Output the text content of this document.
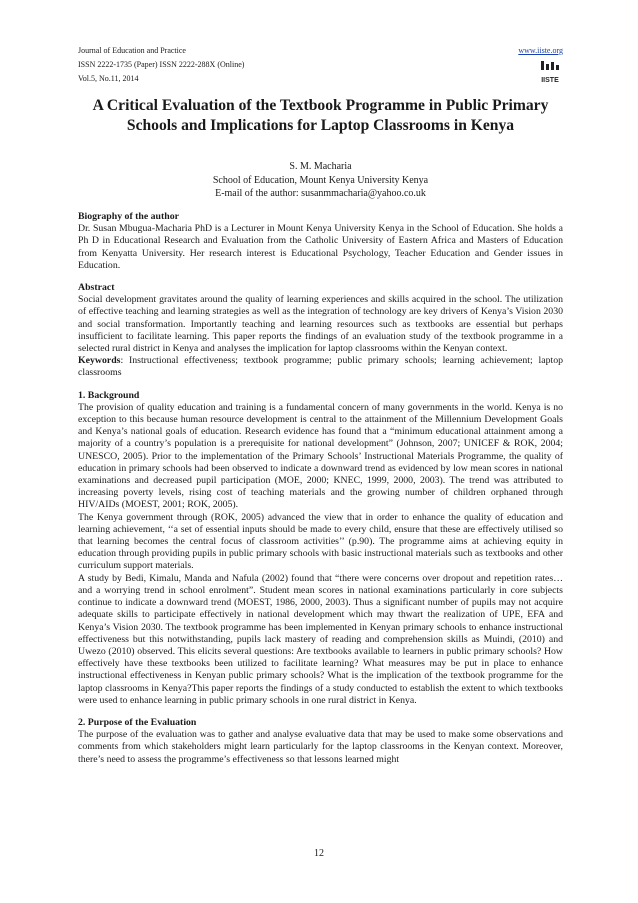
Journal of Education and Practice
ISSN 2222-1735 (Paper) ISSN 2222-288X (Online)
Vol.5, No.11, 2014
www.iiste.org
IISTE
A Critical Evaluation of the Textbook Programme in Public Primary Schools and Implications for Laptop Classrooms in Kenya
S. M. Macharia
School of Education, Mount Kenya University Kenya
E-mail of the author: susanmmacharia@yahoo.co.uk

Biography of the author

Dr. Susan Mbugua-Macharia PhD is a Lecturer in Mount Kenya University Kenya in the School of Education. She holds a Ph D in Educational Research and Evaluation from the Catholic University of Eastern Africa and Masters of Education from Kenyatta University. Her research interest is Educational Psychology, Teacher Education and Gender issues in Education.

Abstract

Social development gravitates around the quality of learning experiences and skills acquired in the school. The utilization of effective teaching and learning strategies as well as the integration of technology are key drivers of Kenya’s Vision 2030 and social transformation. Importantly teaching and learning resources such as textbooks are essential but perhaps insufficient to facilitate learning. This paper reports the findings of an evaluation study of the textbook programme in a selected rural district in Kenya and analyses the implication for laptop classrooms within the Kenyan context.

Keywords: Instructional effectiveness; textbook programme; public primary schools; learning achievement; laptop classrooms

1. Background

The provision of quality education and training is a fundamental concern of many governments in the world. Kenya is no exception to this because human resource development is central to the attainment of the Millennium Development Goals and Kenya’s national goals of education. Research evidence has found that a “minimum educational attainment among a majority of a country’s population is a prerequisite for national development” (Johnson, 2007; UNICEF & ROK, 2004; UNESCO, 2005). Prior to the implementation of the Primary Schools’ Instructional Materials Programme, the quality of education in primary schools had been observed to indicate a downward trend as evidenced by low mean scores in national examinations and decreased pupil participation (MOE, 2000; KNEC, 1999, 2000, 2003). The trend was attributed to increasing poverty levels, rising cost of teaching materials and the growing number of children orphaned through HIV/AIDs (MOEST, 2001; ROK, 2005).

The Kenya government through (ROK, 2005) advanced the view that in order to enhance the quality of education and learning achievement, ‘‘a set of essential inputs should be made to every child, ensure that these are effectively utilised so that learning becomes the central focus of classroom activities’’ (p.90). The programme aims at achieving equity in education through providing pupils in public primary schools with basic instructional materials such as textbooks and other curriculum support materials.

A study by Bedi, Kimalu, Manda and Nafula (2002) found that “there were concerns over dropout and repetition rates… and a worrying trend in school enrolment”. Student mean scores in national examinations particularly in core subjects continue to indicate a downward trend (MOEST, 1986, 2000, 2003). Thus a significant number of pupils may not acquire adequate skills to participate effectively in national development which may thwart the realization of UPE, EFA and Kenya’s Vision 2030. The textbook programme has been implemented in Kenyan primary schools to enhance instructional effectiveness but this notwithstanding, pupils lack mastery of reading and comprehension skills as Muindi, (2010) and Uwezo (2010) observed. This elicits several questions: Are textbooks available to learners in public primary schools? How effectively have these textbooks been utilized to facilitate learning? What measures may be put in place to enhance instructional effectiveness in Kenyan public primary schools? What is the implication of the textbook programme for the laptop classrooms in Kenya?This paper reports the findings of a study conducted to establish the extent to which textbooks were used to enhance learning in public primary schools in one rural district in Kenya.

2. Purpose of the Evaluation

The purpose of the evaluation was to gather and analyse evaluative data that may be used to make some observations and comments from which stakeholders might learn particularly for the laptop classrooms in the Kenyan context. Moreover, there’s need to assess the programme’s effectiveness so that lessons learned might

12
